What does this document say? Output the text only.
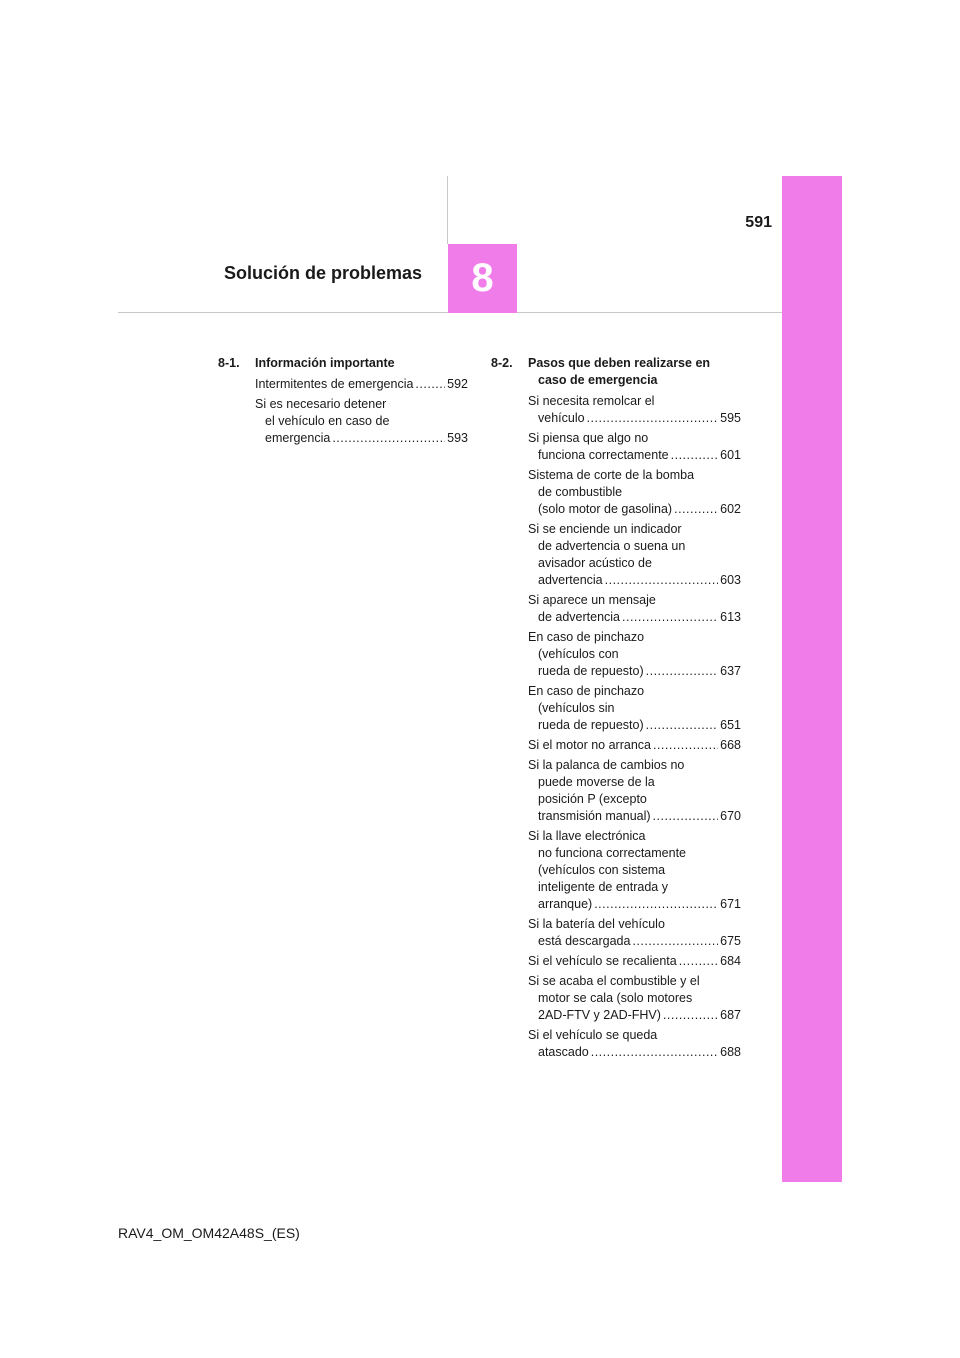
591
8
Solución de problemas
8-1.	Información importante
Intermitentes de emergencia .....	592
Si es necesario detener
el vehículo en caso de
emergencia .....	593
8-2.	Pasos que deben realizarse en caso de emergencia
Si necesita remolcar el
vehículo .....	595
Si piensa que algo no
funciona correctamente .....	601
Sistema de corte de la bomba
de combustible
(solo motor de gasolina) .....	602
Si se enciende un indicador
de advertencia o suena un
avisador acústico de
advertencia .....	603
Si aparece un mensaje
de advertencia .....	613
En caso de pinchazo
(vehículos con
rueda de repuesto) .....	637
En caso de pinchazo
(vehículos sin
rueda de repuesto) .....	651
Si el motor no arranca .....	668
Si la palanca de cambios no
puede moverse de la
posición P (excepto
transmisión manual) .....	670
Si la llave electrónica
no funciona correctamente
(vehículos con sistema
inteligente de entrada y
arranque) .....	671
Si la batería del vehículo
está descargada .....	675
Si el vehículo se recalienta .....	684
Si se acaba el combustible y el
motor se cala (solo motores
2AD-FTV y 2AD-FHV) .....	687
Si el vehículo se queda
atascado .....	688
RAV4_OM_OM42A48S_(ES)
